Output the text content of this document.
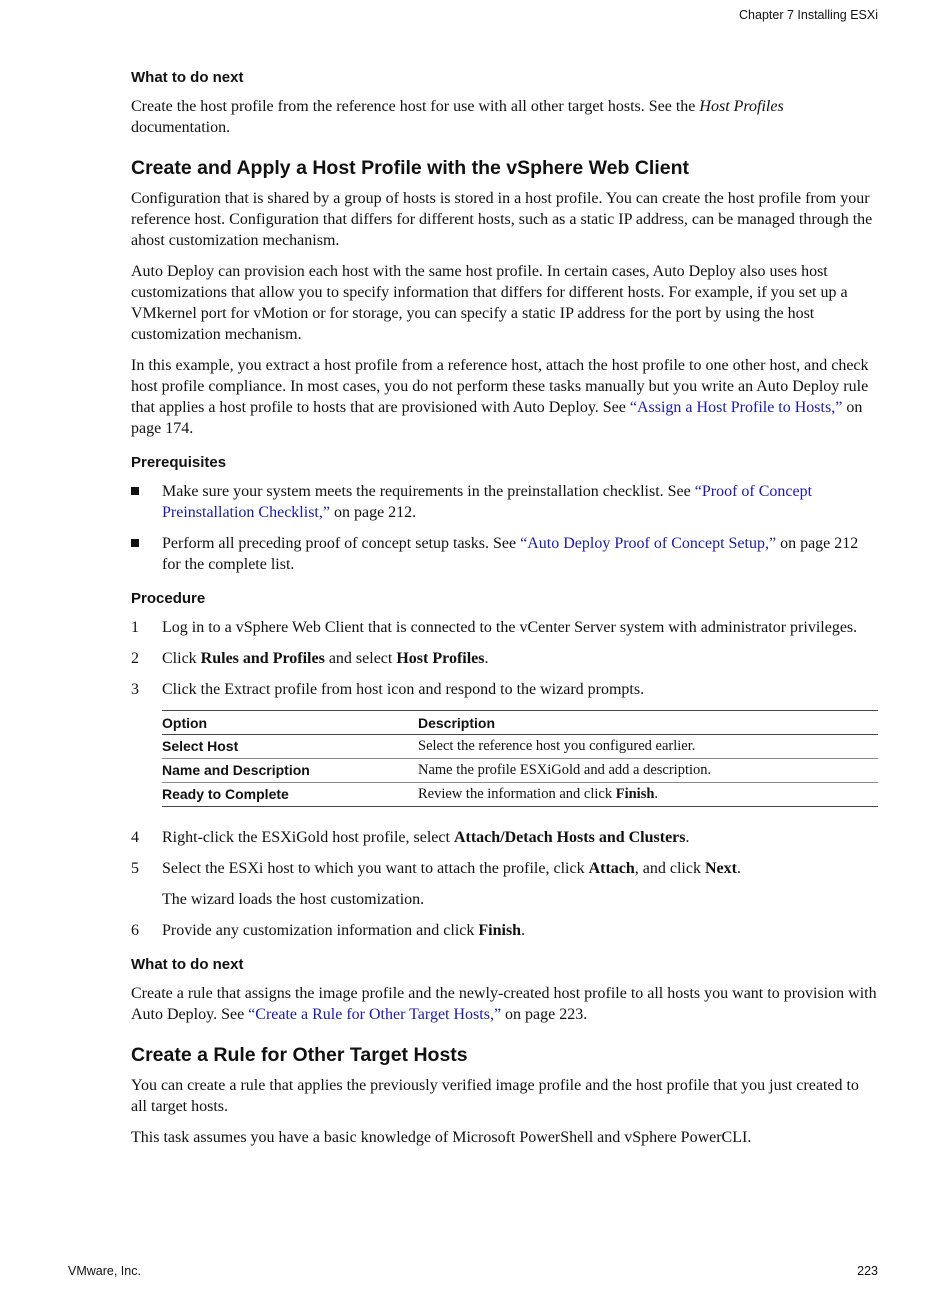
Chapter 7 Installing ESXi
What to do next

Create the host profile from the reference host for use with all other target hosts. See the Host Profiles documentation.

Create and Apply a Host Profile with the vSphere Web Client

Configuration that is shared by a group of hosts is stored in a host profile. You can create the host profile from your reference host. Configuration that differs for different hosts, such as a static IP address, can be managed through the ahost customization mechanism.

Auto Deploy can provision each host with the same host profile. In certain cases, Auto Deploy also uses host customizations that allow you to specify information that differs for different hosts. For example, if you set up a VMkernel port for vMotion or for storage, you can specify a static IP address for the port by using the host customization mechanism.

In this example, you extract a host profile from a reference host, attach the host profile to one other host, and check host profile compliance. In most cases, you do not perform these tasks manually but you write an Auto Deploy rule that applies a host profile to hosts that are provisioned with Auto Deploy. See “Assign a Host Profile to Hosts,” on page 174.

Prerequisites
Make sure your system meets the requirements in the preinstallation checklist. See “Proof of Concept Preinstallation Checklist,” on page 212.
Perform all preceding proof of concept setup tasks. See “Auto Deploy Proof of Concept Setup,” on page 212 for the complete list.
Procedure
1 Log in to a vSphere Web Client that is connected to the vCenter Server system with administrator privileges.
2 Click Rules and Profiles and select Host Profiles.
3 Click the Extract profile from host icon and respond to the wizard prompts.
Option	Description
Select Host	Select the reference host you configured earlier.
Name and Description	Name the profile ESXiGold and add a description.
Ready to Complete	Review the information and click Finish.
4 Right-click the ESXiGold host profile, select Attach/Detach Hosts and Clusters.
5 Select the ESXi host to which you want to attach the profile, click Attach, and click Next.
The wizard loads the host customization.
6 Provide any customization information and click Finish.
What to do next

Create a rule that assigns the image profile and the newly-created host profile to all hosts you want to provision with Auto Deploy. See “Create a Rule for Other Target Hosts,” on page 223.

Create a Rule for Other Target Hosts

You can create a rule that applies the previously verified image profile and the host profile that you just created to all target hosts.

This task assumes you have a basic knowledge of Microsoft PowerShell and vSphere PowerCLI.

VMware, Inc.	223
